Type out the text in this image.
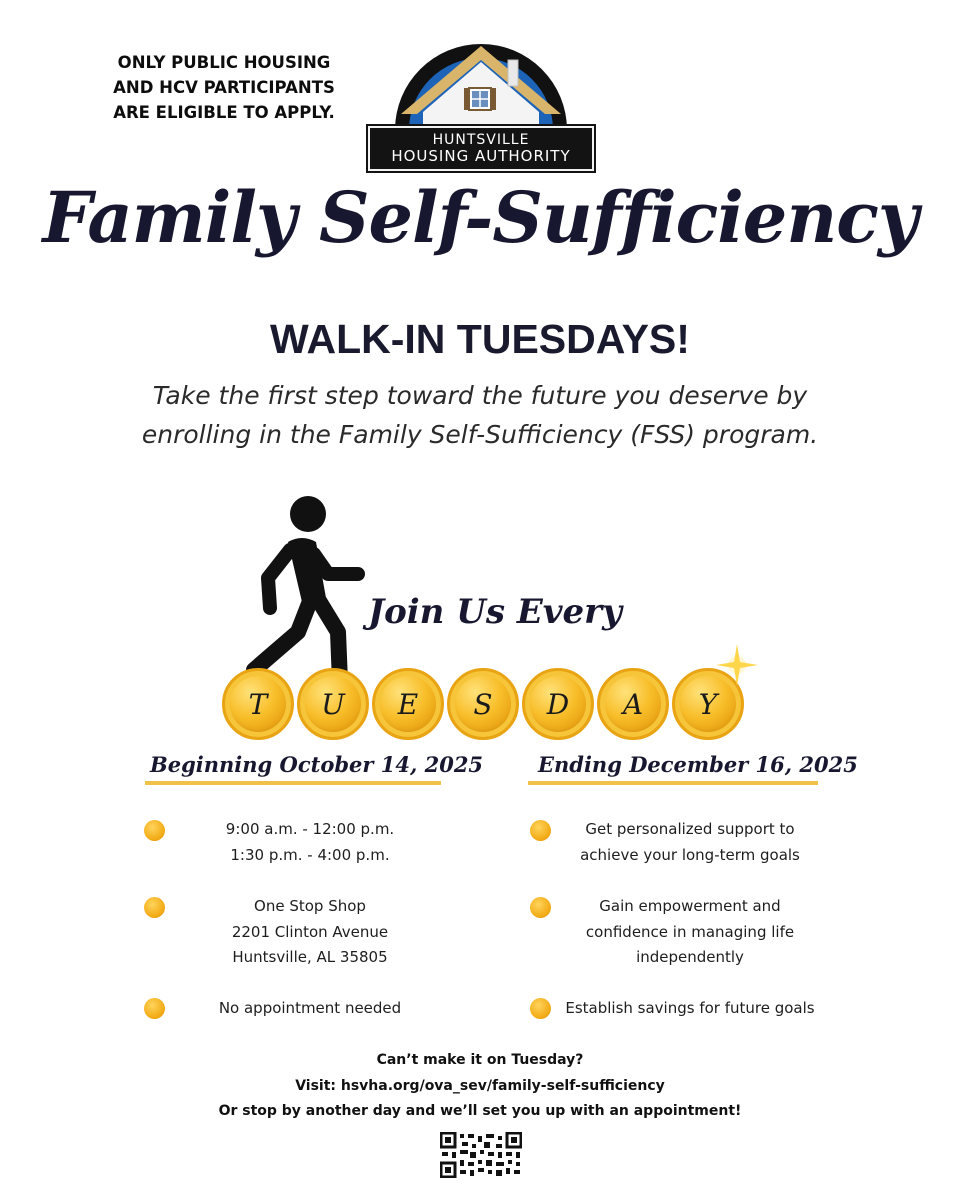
ONLY PUBLIC HOUSING
AND HCV PARTICIPANTS
ARE ELIGIBLE TO APPLY.
HUNTSVILLE
HOUSING AUTHORITY
Family Self-Sufficiency
WALK-IN TUESDAYS!
Take the first step toward the future you deserve by
enrolling in the Family Self-Sufficiency (FSS) program.
Join Us Every
T	U	E	S	D	A	Y
Beginning October 14, 2025	Ending December 16, 2025
9:00 a.m. - 12:00 p.m.
1:30 p.m. - 4:00 p.m.
One Stop Shop
2201 Clinton Avenue
Huntsville, AL 35805
No appointment needed
Get personalized support to
achieve your long-term goals
Gain empowerment and
confidence in managing life
independently
Establish savings for future goals
Can’t make it on Tuesday?
Visit: hsvha.org/ova_sev/family-self-sufficiency
Or stop by another day and we’ll set you up with an appointment!
